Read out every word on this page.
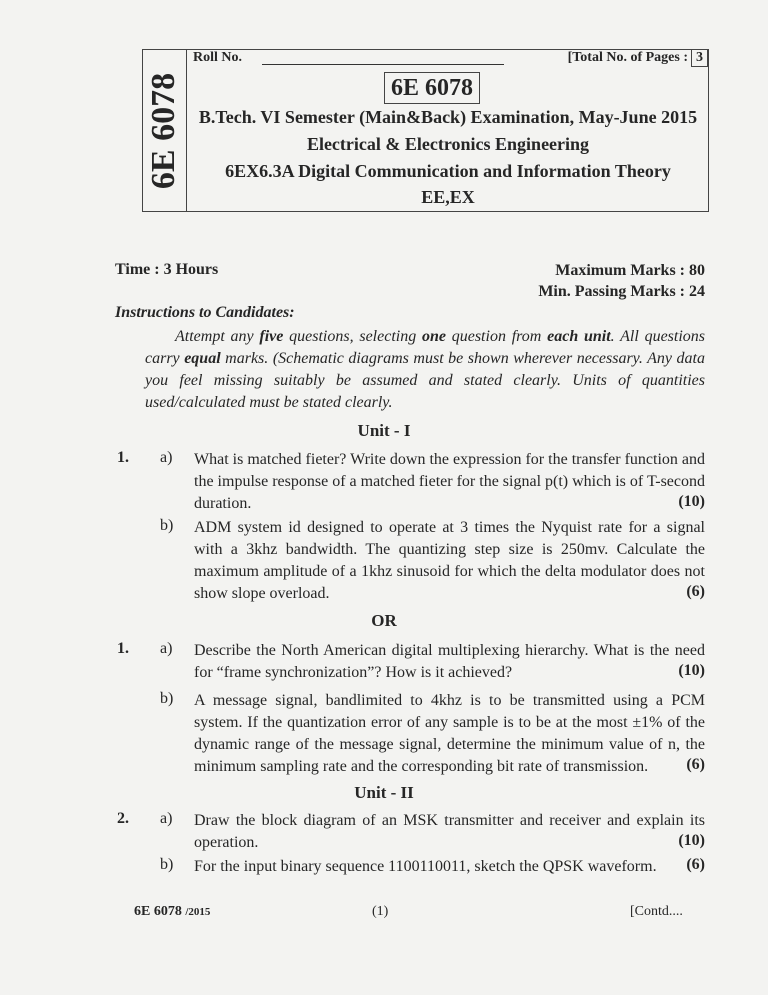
6E 6078
Roll No.	[Total No. of Pages : 3
6E 6078
B.Tech. VI Semester (Main&Back) Examination, May-June 2015
Electrical & Electronics Engineering
6EX6.3A Digital Communication and Information Theory
EE,EX
Time : 3 Hours	Maximum Marks : 80
Min. Passing Marks : 24
Instructions to Candidates:
Attempt any five questions, selecting one question from each unit. All questions carry equal marks. (Schematic diagrams must be shown wherever necessary. Any data you feel missing suitably be assumed and stated clearly. Units of quantities used/calculated must be stated clearly.
Unit - I
1. a) What is matched fieter? Write down the expression for the transfer function and the impulse response of a matched fieter for the signal p(t) which is of T-second duration.	(10)
b) ADM system id designed to operate at 3 times the Nyquist rate for a signal with a 3khz bandwidth. The quantizing step size is 250mv. Calculate the maximum amplitude of a 1khz sinusoid for which the delta modulator does not show slope overload.	(6)
OR
1. a) Describe the North American digital multiplexing hierarchy. What is the need for “frame synchronization”? How is it achieved?	(10)
b) A message signal, bandlimited to 4khz is to be transmitted using a PCM system. If the quantization error of any sample is to be at the most ±1% of the dynamic range of the message signal, determine the minimum value of n, the minimum sampling rate and the corresponding bit rate of transmission.	(6)
Unit - II
2. a) Draw the block diagram of an MSK transmitter and receiver and explain its operation.	(10)
b) For the input binary sequence 1100110011, sketch the QPSK waveform.	(6)
6E 6078 /2015	(1)	[Contd....
